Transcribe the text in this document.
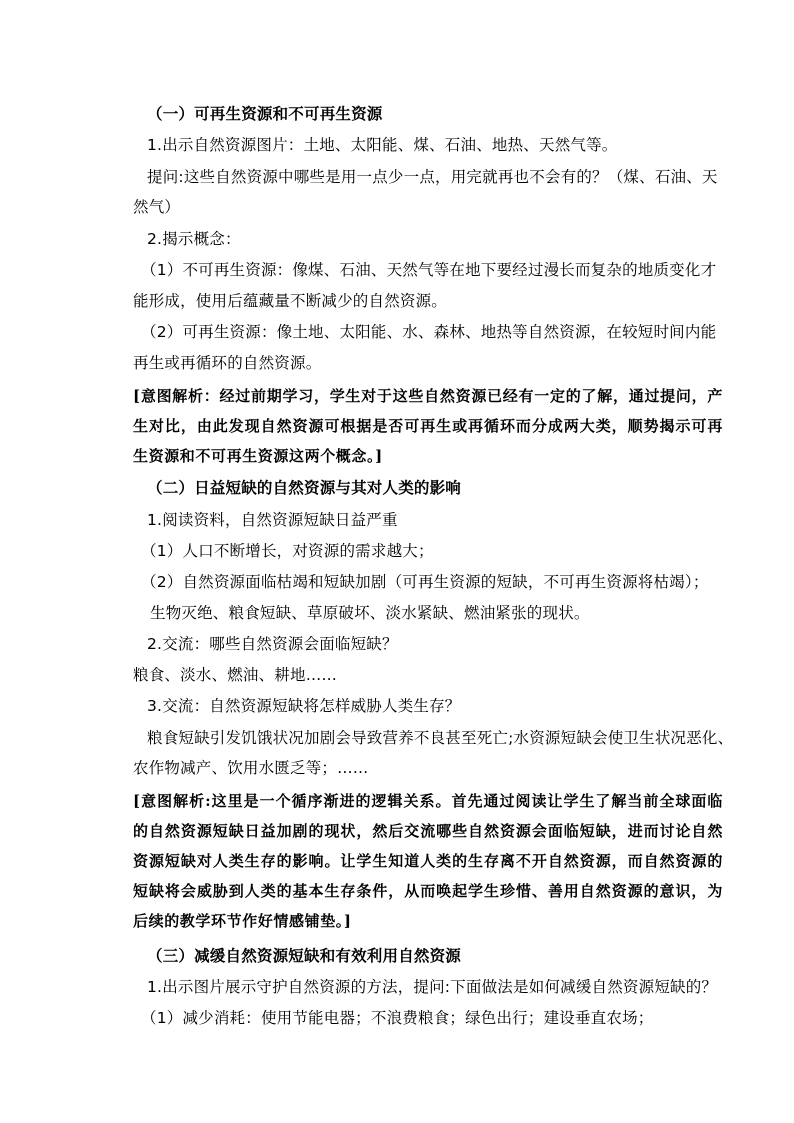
（一）可再生资源和不可再生资源
1.出示自然资源图片：土地、太阳能、煤、石油、地热、天然气等。
提问:这些自然资源中哪些是用一点少一点，用完就再也不会有的？（煤、石油、天
然气）
2.揭示概念：
（1）不可再生资源：像煤、石油、天然气等在地下要经过漫长而复杂的地质变化才
能形成，使用后蕴藏量不断减少的自然资源。
（2）可再生资源：像土地、太阳能、水、森林、地热等自然资源，在较短时间内能
再生或再循环的自然资源。
[意图解析：经过前期学习，学生对于这些自然资源已经有一定的了解，通过提问，产生对比，由此发现自然资源可根据是否可再生或再循环而分成两大类，顺势揭示可再生资源和不可再生资源这两个概念。]
（二）日益短缺的自然资源与其对人类的影响
1.阅读资料，自然资源短缺日益严重
（1）人口不断增长，对资源的需求越大；
（2）自然资源面临枯竭和短缺加剧（可再生资源的短缺，不可再生资源将枯竭）；
生物灭绝、粮食短缺、草原破坏、淡水紧缺、燃油紧张的现状。
2.交流：哪些自然资源会面临短缺？
粮食、淡水、燃油、耕地……
3.交流：自然资源短缺将怎样威胁人类生存？
粮食短缺引发饥饿状况加剧会导致营养不良甚至死亡;水资源短缺会使卫生状况恶化、
农作物减产、饮用水匮乏等；……
[意图解析:这里是一个循序渐进的逻辑关系。首先通过阅读让学生了解当前全球面临的自然资源短缺日益加剧的现状，然后交流哪些自然资源会面临短缺，进而讨论自然资源短缺对人类生存的影响。让学生知道人类的生存离不开自然资源，而自然资源的短缺将会威胁到人类的基本生存条件，从而唤起学生珍惜、善用自然资源的意识，为后续的教学环节作好情感铺垫。]
（三）减缓自然资源短缺和有效利用自然资源
1.出示图片展示守护自然资源的方法，提问:下面做法是如何减缓自然资源短缺的？
（1）减少消耗：使用节能电器；不浪费粮食；绿色出行；建设垂直农场；
